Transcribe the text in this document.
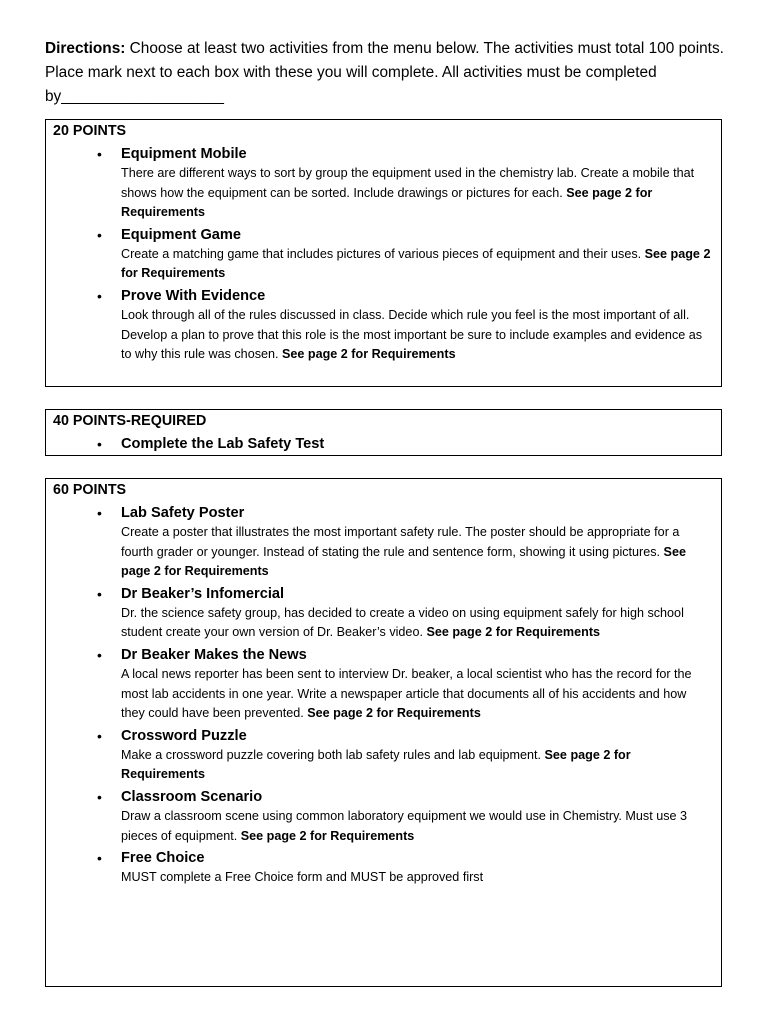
Directions: Choose at least two activities from the menu below. The activities must total 100 points. Place mark next to each box with these you will complete. All activities must be completed by___________________
20 POINTS
• Equipment Mobile
There are different ways to sort by group the equipment used in the chemistry lab. Create a mobile that shows how the equipment can be sorted. Include drawings or pictures for each. See page 2 for Requirements
• Equipment Game
Create a matching game that includes pictures of various pieces of equipment and their uses. See page 2 for Requirements
• Prove With Evidence
Look through all of the rules discussed in class. Decide which rule you feel is the most important of all. Develop a plan to prove that this role is the most important be sure to include examples and evidence as to why this rule was chosen. See page 2 for Requirements
40 POINTS-REQUIRED
• Complete the Lab Safety Test
60 POINTS
• Lab Safety Poster
Create a poster that illustrates the most important safety rule. The poster should be appropriate for a fourth grader or younger. Instead of stating the rule and sentence form, showing it using pictures. See page 2 for Requirements
• Dr Beaker’s Infomercial
Dr. the science safety group, has decided to create a video on using equipment safely for high school student create your own version of Dr. Beaker’s video. See page 2 for Requirements
• Dr Beaker Makes the News
A local news reporter has been sent to interview Dr. beaker, a local scientist who has the record for the most lab accidents in one year. Write a newspaper article that documents all of his accidents and how they could have been prevented. See page 2 for Requirements
• Crossword Puzzle
Make a crossword puzzle covering both lab safety rules and lab equipment. See page 2 for Requirements
• Classroom Scenario
Draw a classroom scene using common laboratory equipment we would use in Chemistry. Must use 3 pieces of equipment. See page 2 for Requirements
• Free Choice
MUST complete a Free Choice form and MUST be approved first
